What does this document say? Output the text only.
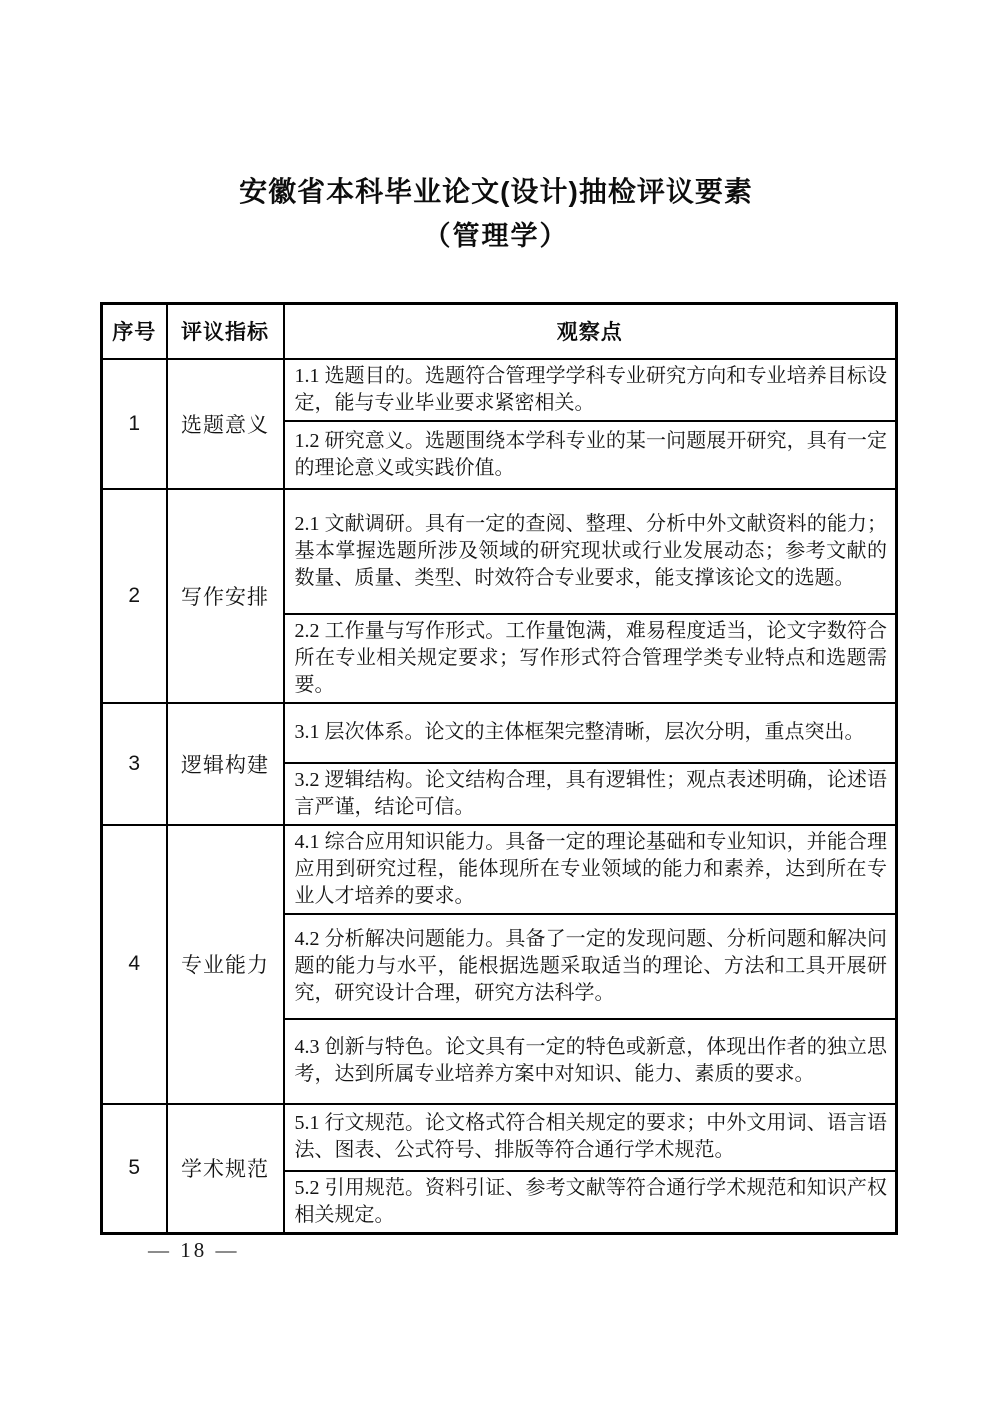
安徽省本科毕业论文(设计)抽检评议要素
（管理学）
序号	评议指标	观察点
1	选题意义	1.1 选题目的。选题符合管理学学科专业研究方向和专业培养目标设定，能与专业毕业要求紧密相关。
		1.2 研究意义。选题围绕本学科专业的某一问题展开研究，具有一定的理论意义或实践价值。
2	写作安排	2.1 文献调研。具有一定的查阅、整理、分析中外文献资料的能力；基本掌握选题所涉及领域的研究现状或行业发展动态；参考文献的数量、质量、类型、时效符合专业要求，能支撑该论文的选题。
		2.2 工作量与写作形式。工作量饱满，难易程度适当，论文字数符合所在专业相关规定要求；写作形式符合管理学类专业特点和选题需要。
3	逻辑构建	3.1 层次体系。论文的主体框架完整清晰，层次分明，重点突出。
		3.2 逻辑结构。论文结构合理，具有逻辑性；观点表述明确，论述语言严谨，结论可信。
4	专业能力	4.1 综合应用知识能力。具备一定的理论基础和专业知识，并能合理应用到研究过程，能体现所在专业领域的能力和素养，达到所在专业人才培养的要求。
		4.2 分析解决问题能力。具备了一定的发现问题、分析问题和解决问题的能力与水平，能根据选题采取适当的理论、方法和工具开展研究，研究设计合理，研究方法科学。
		4.3 创新与特色。论文具有一定的特色或新意，体现出作者的独立思考，达到所属专业培养方案中对知识、能力、素质的要求。
5	学术规范	5.1 行文规范。论文格式符合相关规定的要求；中外文用词、语言语法、图表、公式符号、排版等符合通行学术规范。
		5.2 引用规范。资料引证、参考文献等符合通行学术规范和知识产权相关规定。
— 18 —
